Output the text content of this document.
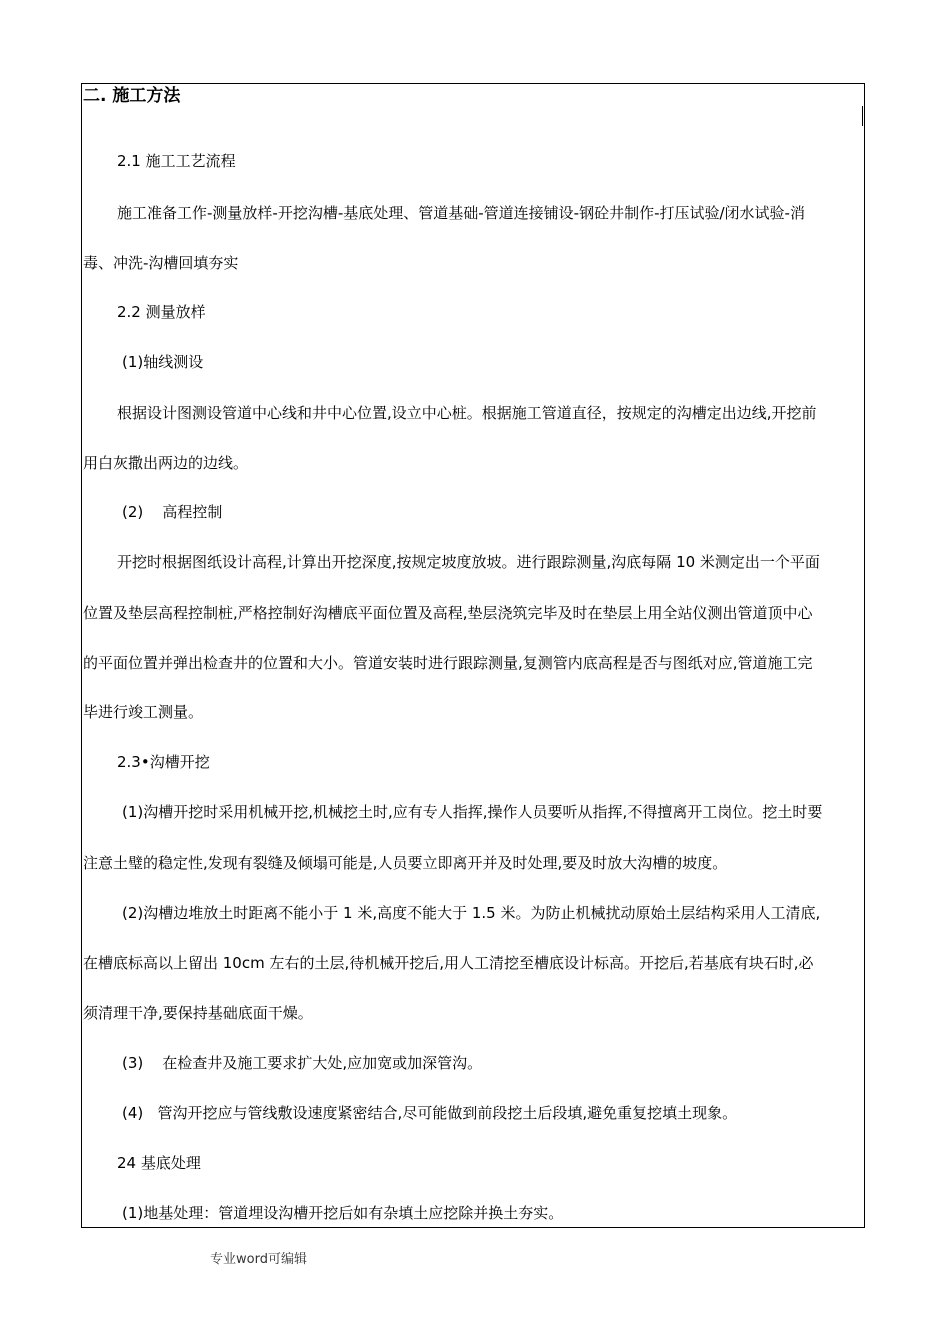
二. 施工方法
2.1 施工工艺流程
施工准备工作-测量放样-开挖沟槽-基底处理、管道基础-管道连接铺设-钢砼井制作-打压试验/闭水试验-消
毒、冲洗-沟槽回填夯实
2.2 测量放样
(1)轴线测设
根据设计图测设管道中心线和井中心位置,设立中心桩。根据施工管道直径，按规定的沟槽定出边线,开挖前
用白灰撒出两边的边线。
(2)    高程控制
开挖时根据图纸设计高程,计算出开挖深度,按规定坡度放坡。进行跟踪测量,沟底每隔 10 米测定出一个平面
位置及垫层高程控制桩,严格控制好沟槽底平面位置及高程,垫层浇筑完毕及时在垫层上用全站仪测出管道顶中心
的平面位置并弹出检查井的位置和大小。管道安装时进行跟踪测量,复测管内底高程是否与图纸对应,管道施工完
毕进行竣工测量。
2.3•沟槽开挖
(1)沟槽开挖时采用机械开挖,机械挖土时,应有专人指挥,操作人员要听从指挥,不得擅离开工岗位。挖土时要
注意土璧的稳定性,发现有裂缝及倾塌可能是,人员要立即离开并及时处理,要及时放大沟槽的坡度。
(2)沟槽边堆放土时距离不能小于 1 米,高度不能大于 1.5 米。为防止机械扰动原始土层结构采用人工清底,
在槽底标高以上留出 10cm 左右的土层,待机械开挖后,用人工清挖至槽底设计标高。开挖后,若基底有块石时,必
须清理干净,要保持基础底面干燥。
(3)    在检查井及施工要求扩大处,应加宽或加深管沟。
(4)   管沟开挖应与管线敷设速度紧密结合,尽可能做到前段挖土后段填,避免重复挖填土现象。
24 基底处理
(1)地基处理：管道埋设沟槽开挖后如有杂填土应挖除并换土夯实。
专业word可编辑
